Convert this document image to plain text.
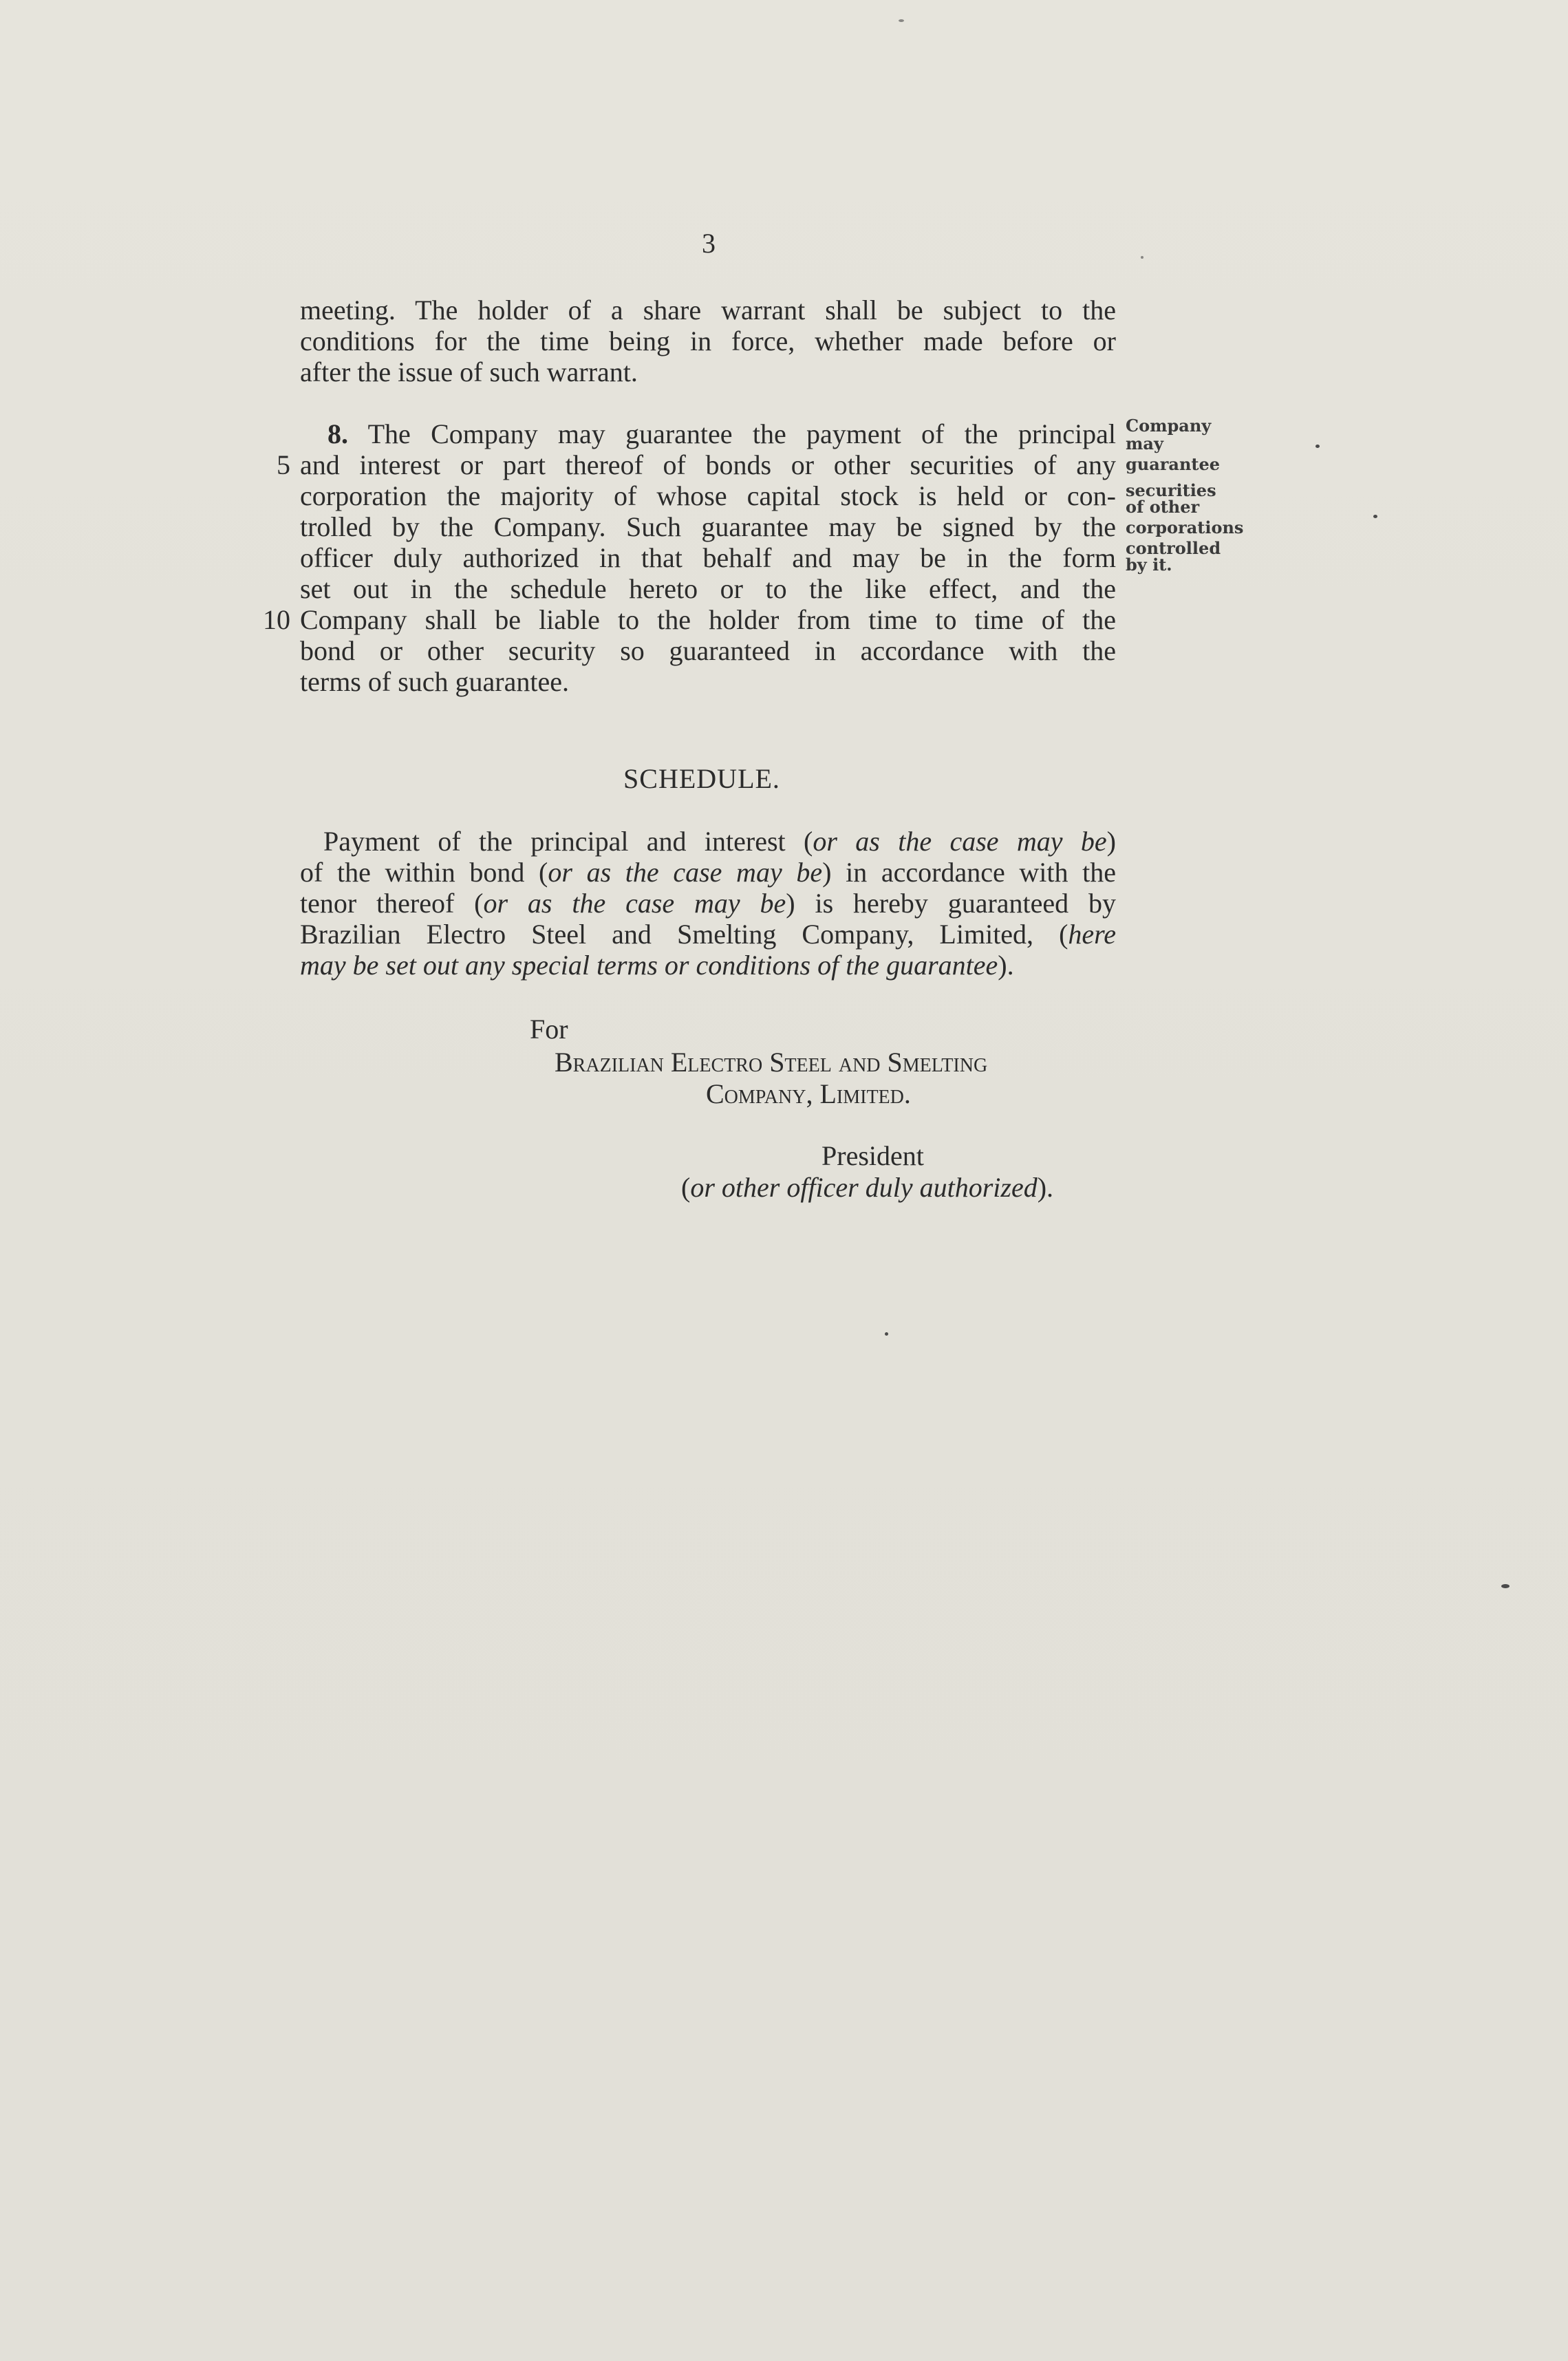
3
meeting. The holder of a share warrant shall be subject to the
conditions for the time being in force, whether made before or
after the issue of such warrant.
8. The Company may guarantee the payment of the principal
5 and interest or part thereof of bonds or other securities of any
corporation the majority of whose capital stock is held or con-
trolled by the Company. Such guarantee may be signed by the
officer duly authorized in that behalf and may be in the form
set out in the schedule hereto or to the like effect, and the
10 Company shall be liable to the holder from time to time of the
bond or other security so guaranteed in accordance with the
terms of such guarantee.
Company
may
guarantee
securities
of other
corporations
controlled
by it.
SCHEDULE.
Payment of the principal and interest (or as the case may be)
of the within bond (or as the case may be) in accordance with the
tenor thereof (or as the case may be) is hereby guaranteed by
Brazilian Electro Steel and Smelting Company, Limited, (here
may be set out any special terms or conditions of the guarantee).
For
Brazilian Electro Steel and Smelting
Company, Limited.
President
(or other officer duly authorized).
